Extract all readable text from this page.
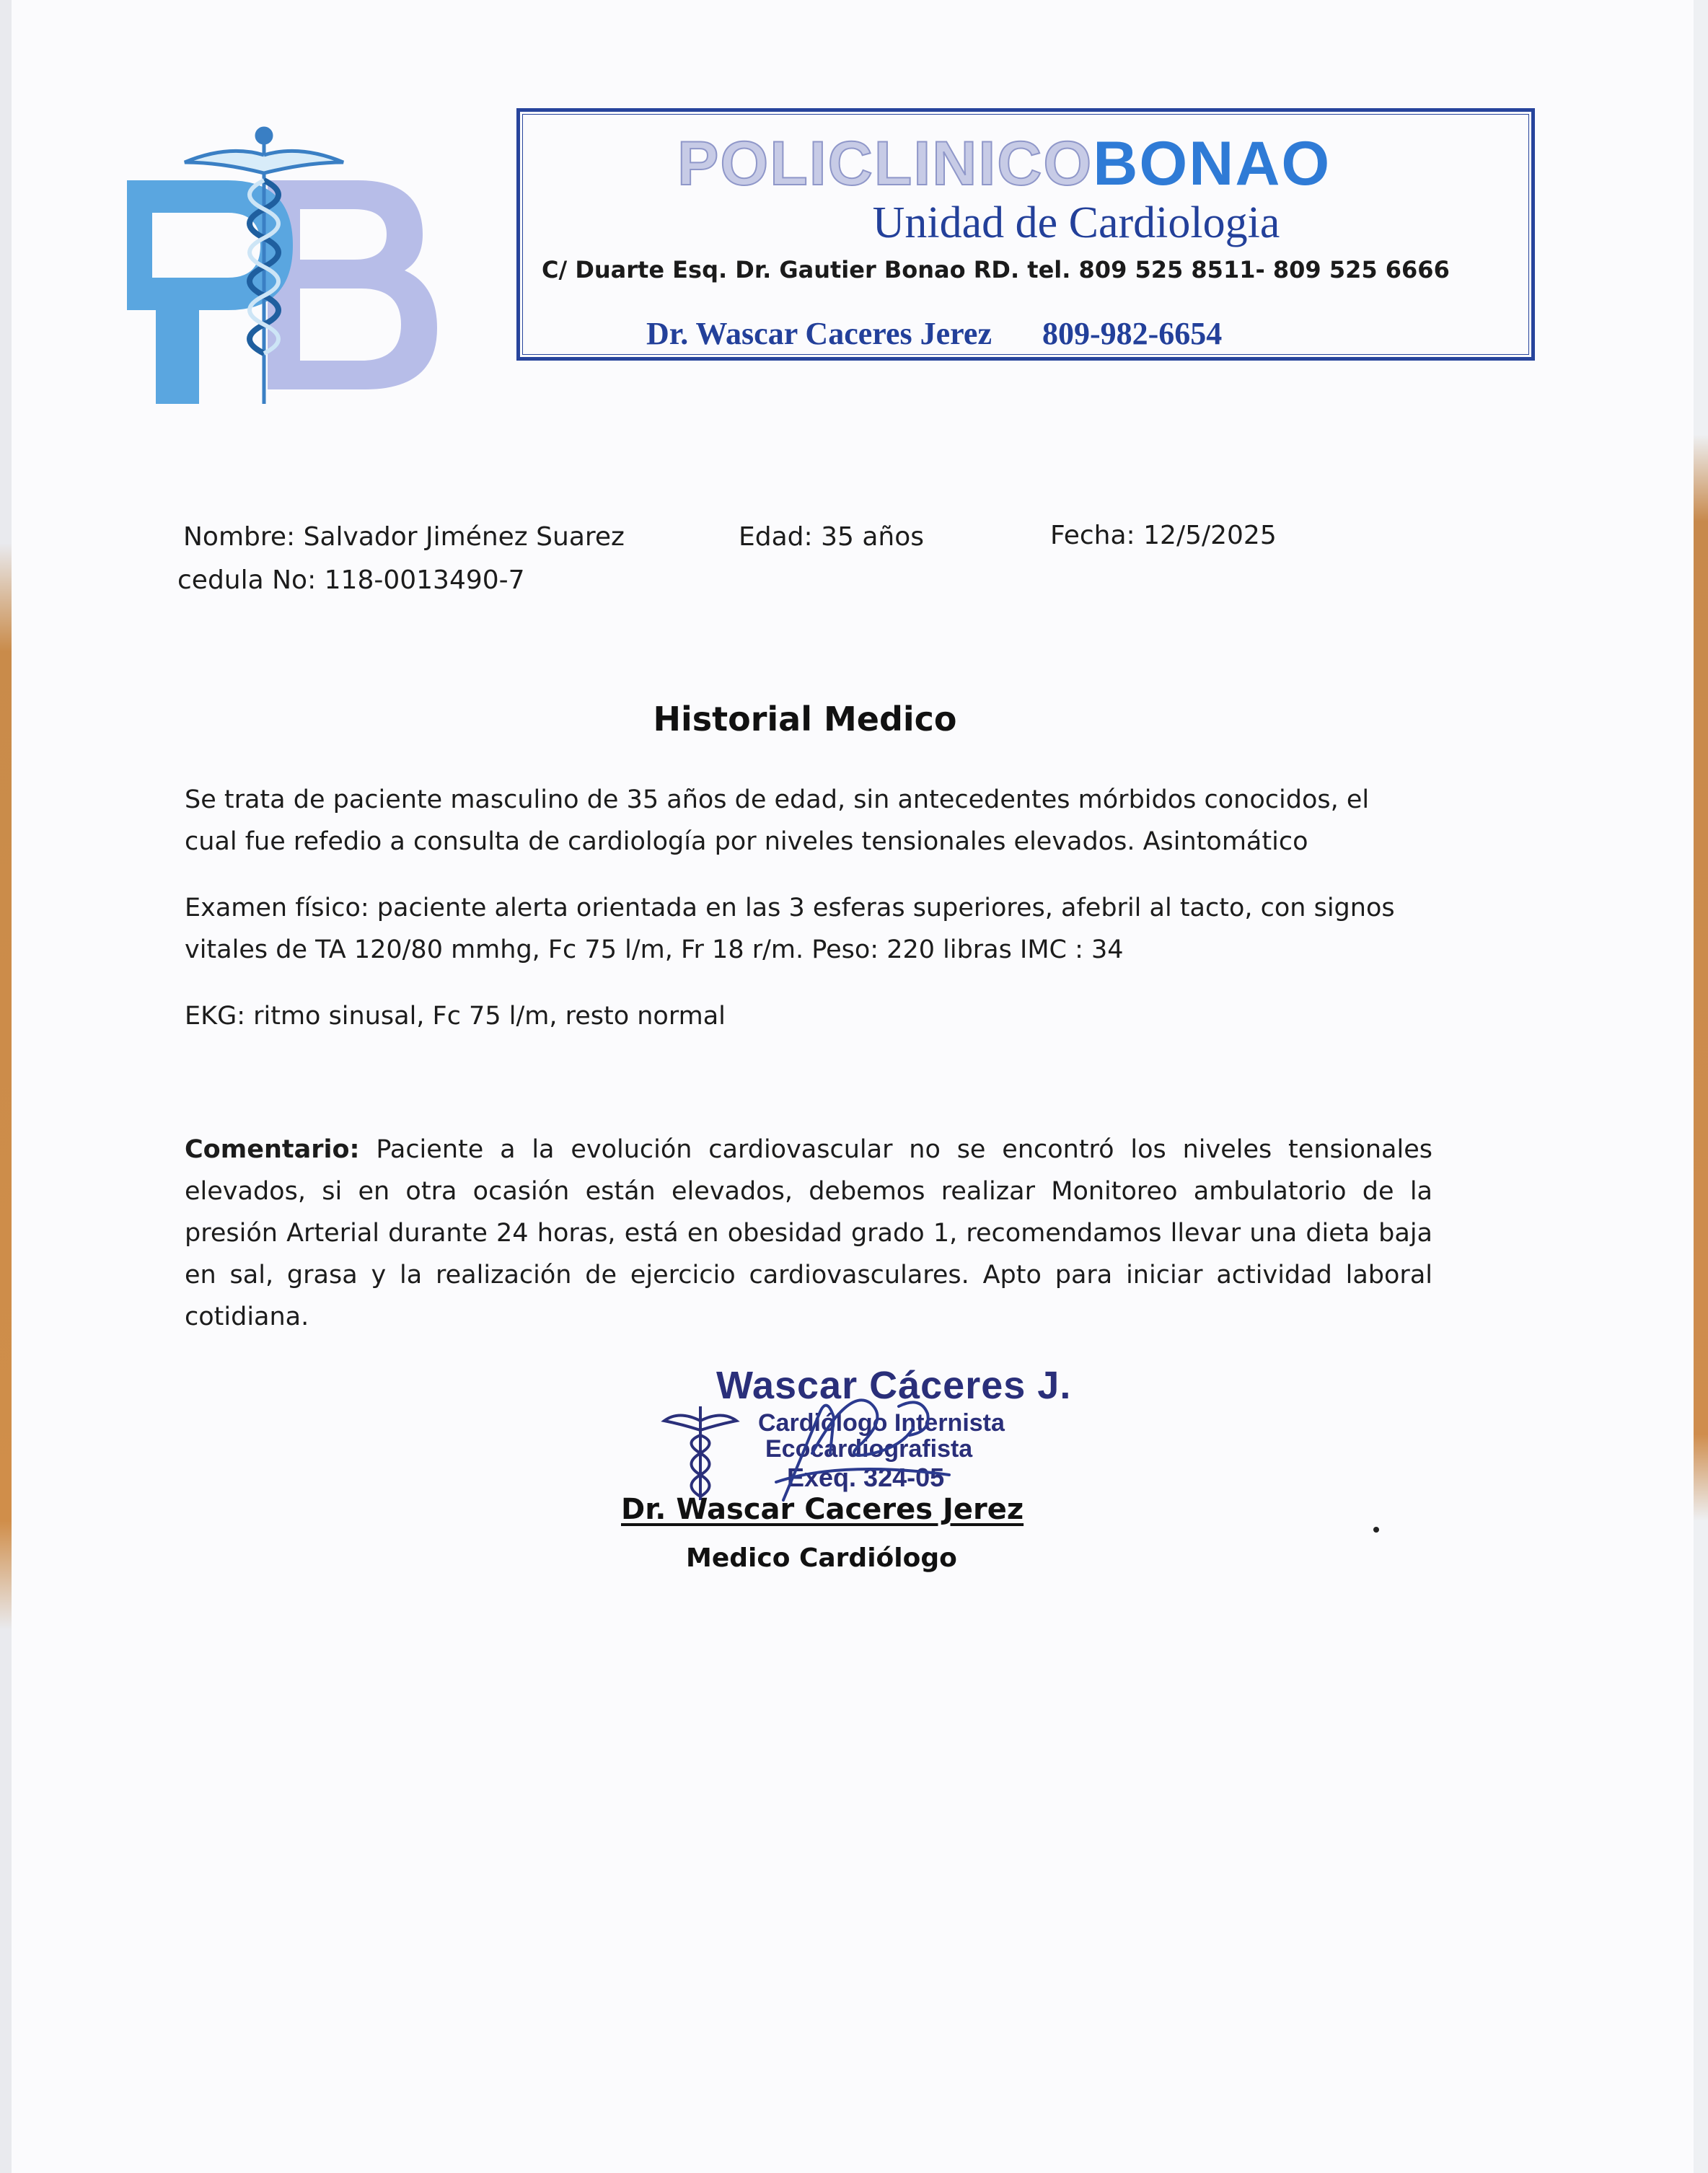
POLICLINICOBONAO
Unidad de Cardiologia
C/ Duarte Esq. Dr. Gautier Bonao RD. tel. 809 525 8511- 809 525 6666
Dr. Wascar Caceres Jerez 809-982-6654
Nombre: Salvador Jiménez Suarez
cedula No: 118-0013490-7
Edad: 35 años	Fecha: 12/5/2025
Historial Medico
Se trata de paciente masculino de 35 años de edad, sin antecedentes mórbidos conocidos, el
cual fue refedio a consulta de cardiología por niveles tensionales elevados. Asintomático
Examen físico: paciente alerta orientada en las 3 esferas superiores, afebril al tacto, con signos
vitales de TA 120/80 mmhg, Fc 75 l/m, Fr 18 r/m. Peso: 220 libras IMC : 34
EKG: ritmo sinusal, Fc 75 l/m, resto normal
Comentario: Paciente a la evolución cardiovascular no se encontró los niveles tensionales elevados, si en otra ocasión están elevados, debemos realizar Monitoreo ambulatorio de la presión Arterial durante 24 horas, está en obesidad grado 1, recomendamos llevar una dieta baja en sal, grasa y la realización de ejercicio cardiovasculares. Apto para iniciar actividad laboral cotidiana.
Wascar Cáceres J.
Cardiólogo Internista
Ecocardiografista
Exeq. 324-05
Dr. Wascar Caceres Jerez
Medico Cardiólogo
